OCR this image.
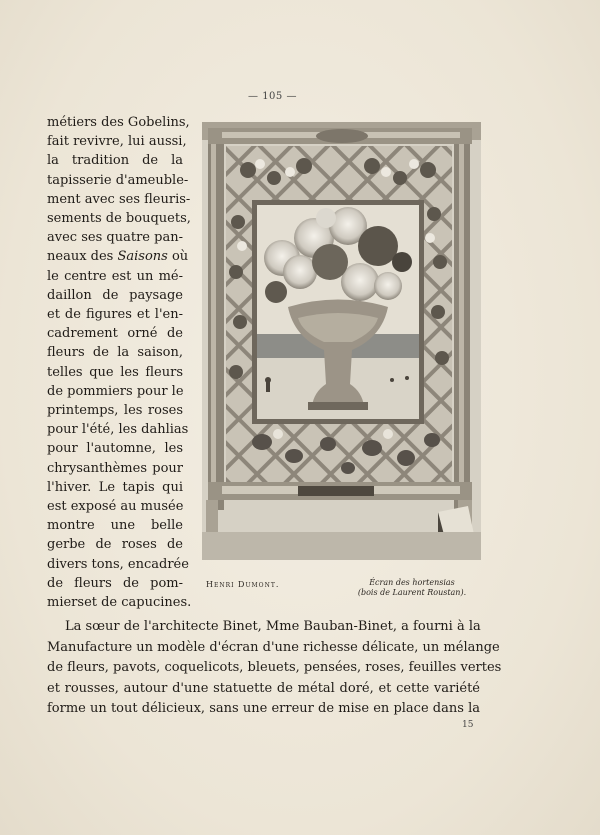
— 105 —
métiers des Gobelins,
fait revivre, lui aussi,
la tradition de la
tapisserie d'ameuble-
ment avec ses fleuris-
sements de bouquets,
avec ses quatre pan-
neaux des Saisons où
le centre est un mé-
daillon de paysage
et de figures et l'en-
cadrement orné de
fleurs de la saison,
telles que les fleurs
de pommiers pour le
printemps, les roses
pour l'été, les dahlias
pour l'automne, les
chrysanthèmes pour
l'hiver. Le tapis qui
est exposé au musée
montre une belle
gerbe de roses de
divers tons, encadrée
de fleurs de pom-
mierset de capucines.
Henri Dumont.	Écran des hortensias
(bois de Laurent Roustan).
La sœur de l'architecte Binet, Mme Bauban-Binet, a fourni à la
Manufacture un modèle d'écran d'une richesse délicate, un mélange
de fleurs, pavots, coquelicots, bleuets, pensées, roses, feuilles vertes
et rousses, autour d'une statuette de métal doré, et cette variété
forme un tout délicieux, sans une erreur de mise en place dans la
15
